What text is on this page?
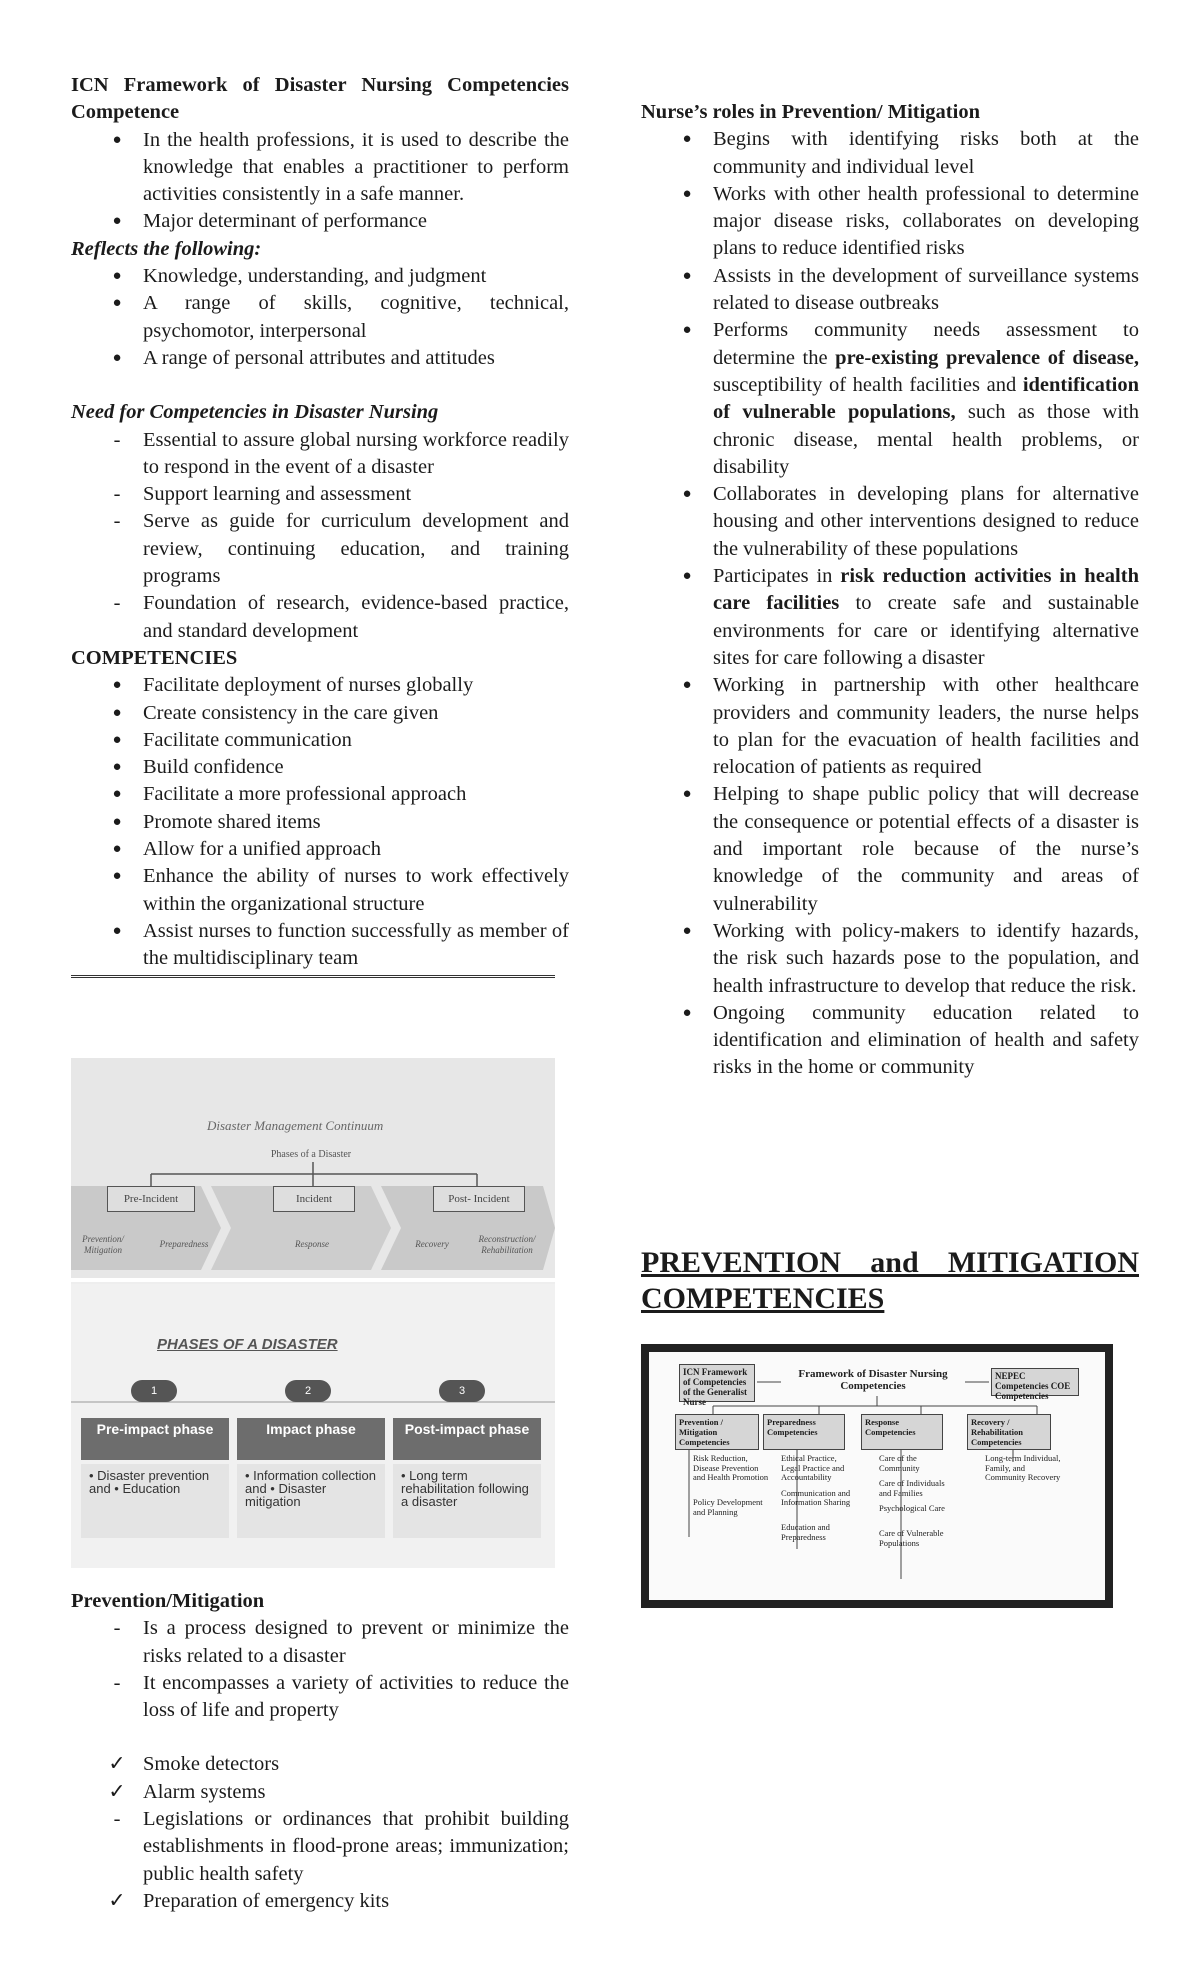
ICN Framework of Disaster Nursing Competencies
Competence
● In the health professions, it is used to describe the knowledge that enables a practitioner to perform activities consistently in a safe manner.
● Major determinant of performance
Reflects the following:
● Knowledge, understanding, and judgment
● A range of skills, cognitive, technical, psychomotor, interpersonal
● A range of personal attributes and attitudes
Need for Competencies in Disaster Nursing
-	Essential to assure global nursing workforce readily to respond in the event of a disaster
-	Support learning and assessment
-	Serve as guide for curriculum development and review, continuing education, and training programs
-	Foundation of research, evidence-based practice, and standard development
COMPETENCIES
● Facilitate deployment of nurses globally
● Create consistency in the care given
● Facilitate communication
● Build confidence
● Facilitate a more professional approach
● Promote shared items
● Allow for a unified approach
● Enhance the ability of nurses to work effectively within the organizational structure
● Assist nurses to function successfully as member of the multidisciplinary team
Disaster Management Continuum
Phases of a Disaster
Pre-Incident	Incident	Post- Incident
Prevention/ Mitigation
Preparedness	Response	Recovery	Reconstruction/ Rehabilitation
PHASES OF A DISASTER
1	2	3
Pre-impact phase	Impact phase	Post-impact phase
• Disaster prevention and • Education
• Information collection and • Disaster mitigation
• Long term rehabilitation following a disaster
Prevention/Mitigation
-	Is a process designed to prevent or minimize the risks related to a disaster
-	It encompasses a variety of activities to reduce the loss of life and property
✓ Smoke detectors
✓ Alarm systems
-	Legislations or ordinances that prohibit building establishments in flood-prone areas; immunization; public health safety
✓ Preparation of emergency kits
Nurse’s roles in Prevention/ Mitigation
● Begins with identifying risks both at the community and individual level
● Works with other health professional to determine major disease risks, collaborates on developing plans to reduce identified risks
● Assists in the development of surveillance systems related to disease outbreaks
● Performs community needs assessment to determine the pre-existing prevalence of disease, susceptibility of health facilities and identification of vulnerable populations, such as those with chronic disease, mental health problems, or disability
● Collaborates in developing plans for alternative housing and other interventions designed to reduce the vulnerability of these populations
● Participates in risk reduction activities in health care facilities to create safe and sustainable environments for care or identifying alternative sites for care following a disaster
● Working in partnership with other healthcare providers and community leaders, the nurse helps to plan for the evacuation of health facilities and relocation of patients as required
● Helping to shape public policy that will decrease the consequence or potential effects of a disaster is and important role because of the nurse’s knowledge of the community and areas of vulnerability
● Working with policy-makers to identify hazards, the risk such hazards pose to the population, and health infrastructure to develop that reduce the risk.
● Ongoing community education related to identification and elimination of health and safety risks in the home or community
PREVENTION and MITIGATION COMPETENCIES
ICN Framework of Competencies of the Generalist Nurse
Framework of Disaster Nursing Competencies
NEPEC Competencies COE Competencies
Prevention / Mitigation Competencies
Risk Reduction, Disease Prevention and Health Promotion
Policy Development and Planning
Preparedness Competencies
Ethical Practice, Legal Practice and Accountability
Communication and Information Sharing
Education and Preparedness
Response Competencies
Care of the Community
Care of Individuals and Families
Psychological Care
Care of Vulnerable Populations
Recovery / Rehabilitation Competencies
Long-term Individual, Family, and Community Recovery
